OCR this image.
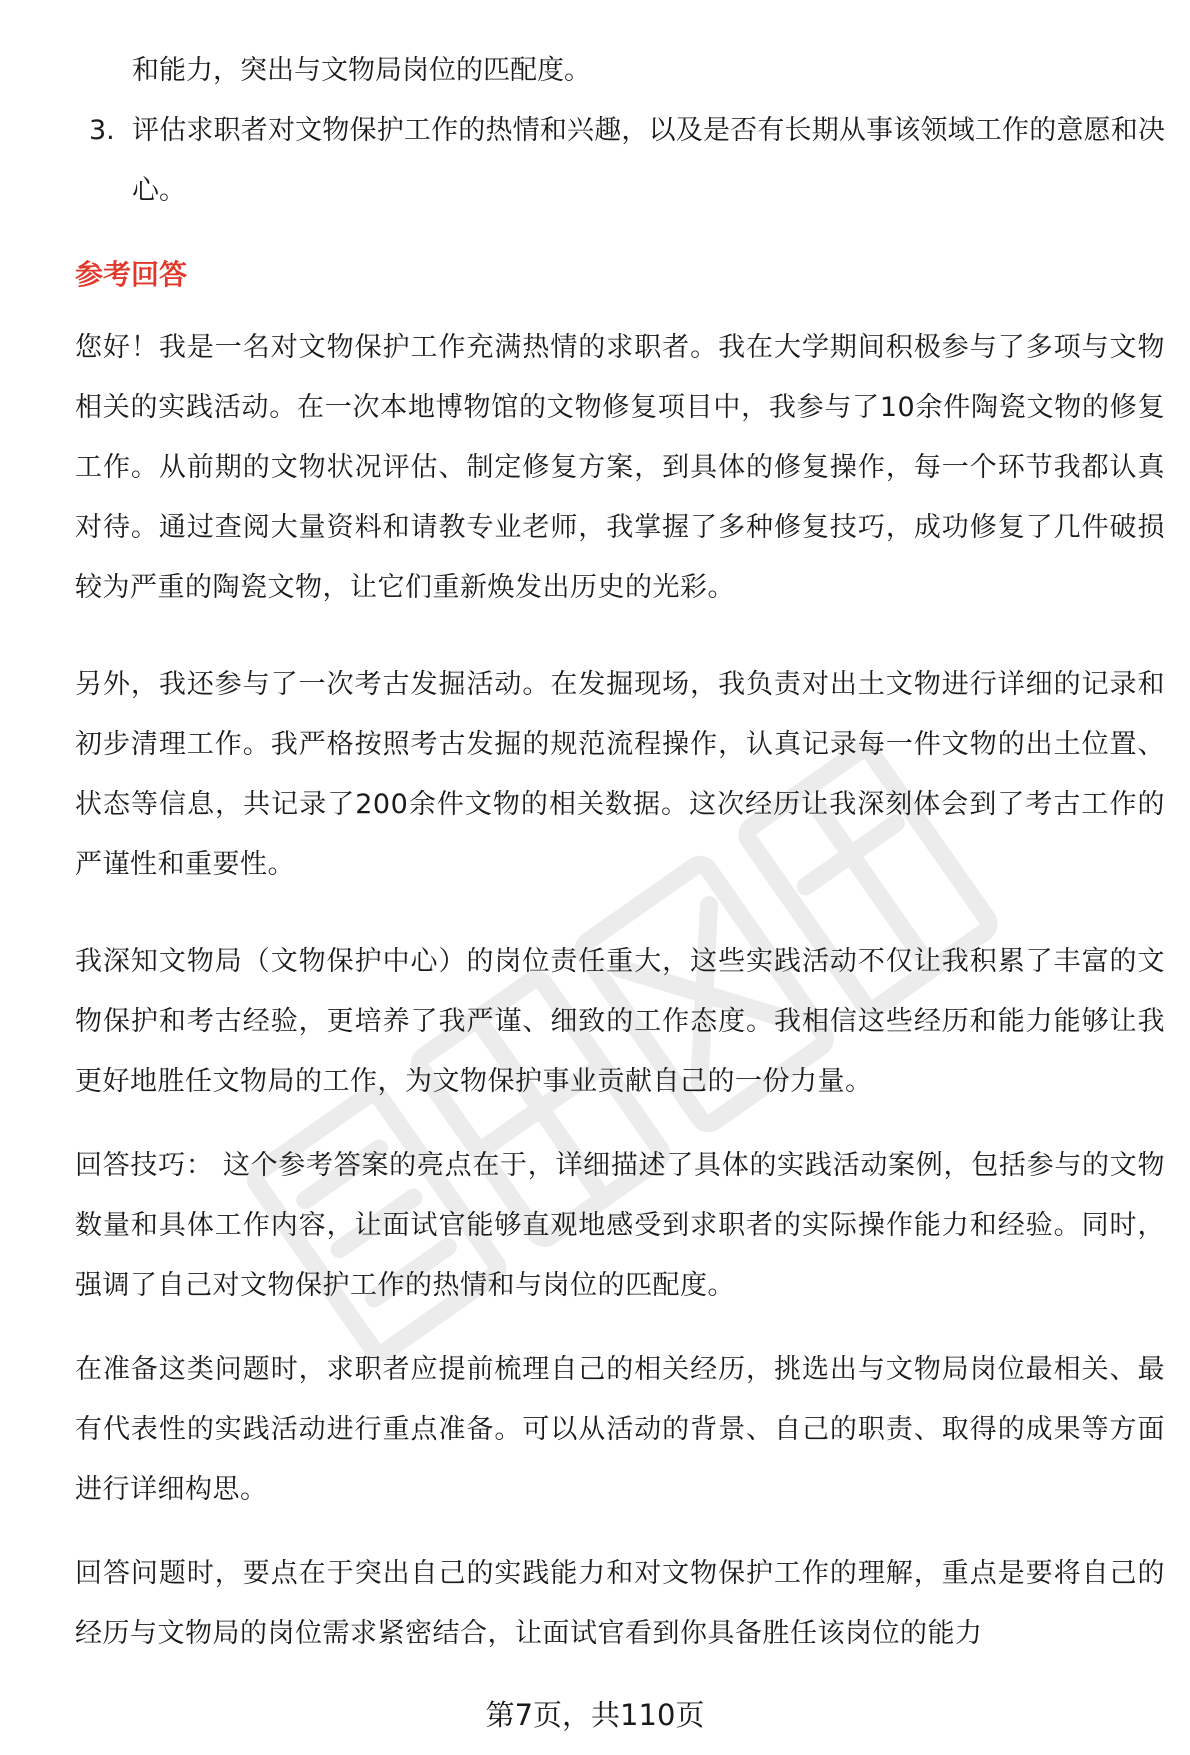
和能力，突出与文物局岗位的匹配度。

3. 评估求职者对文物保护工作的热情和兴趣，以及是否有长期从事该领域工作的意愿和决心。
参考回答

您好！我是一名对文物保护工作充满热情的求职者。我在大学期间积极参与了多项与文物相关的实践活动。在一次本地博物馆的文物修复项目中，我参与了10余件陶瓷文物的修复工作。从前期的文物状况评估、制定修复方案，到具体的修复操作，每一个环节我都认真对待。通过查阅大量资料和请教专业老师，我掌握了多种修复技巧，成功修复了几件破损较为严重的陶瓷文物，让它们重新焕发出历史的光彩。

另外，我还参与了一次考古发掘活动。在发掘现场，我负责对出土文物进行详细的记录和初步清理工作。我严格按照考古发掘的规范流程操作，认真记录每一件文物的出土位置、状态等信息，共记录了200余件文物的相关数据。这次经历让我深刻体会到了考古工作的严谨性和重要性。

我深知文物局（文物保护中心）的岗位责任重大，这些实践活动不仅让我积累了丰富的文物保护和考古经验，更培养了我严谨、细致的工作态度。我相信这些经历和能力能够让我更好地胜任文物局的工作，为文物保护事业贡献自己的一份力量。

回答技巧： 这个参考答案的亮点在于，详细描述了具体的实践活动案例，包括参与的文物数量和具体工作内容，让面试官能够直观地感受到求职者的实际操作能力和经验。同时，强调了自己对文物保护工作的热情和与岗位的匹配度。

在准备这类问题时，求职者应提前梳理自己的相关经历，挑选出与文物局岗位最相关、最有代表性的实践活动进行重点准备。可以从活动的背景、自己的职责、取得的成果等方面进行详细构思。

回答问题时，要点在于突出自己的实践能力和对文物保护工作的理解，重点是要将自己的经历与文物局的岗位需求紧密结合，让面试官看到你具备胜任该岗位的能力

第7页，共110页
